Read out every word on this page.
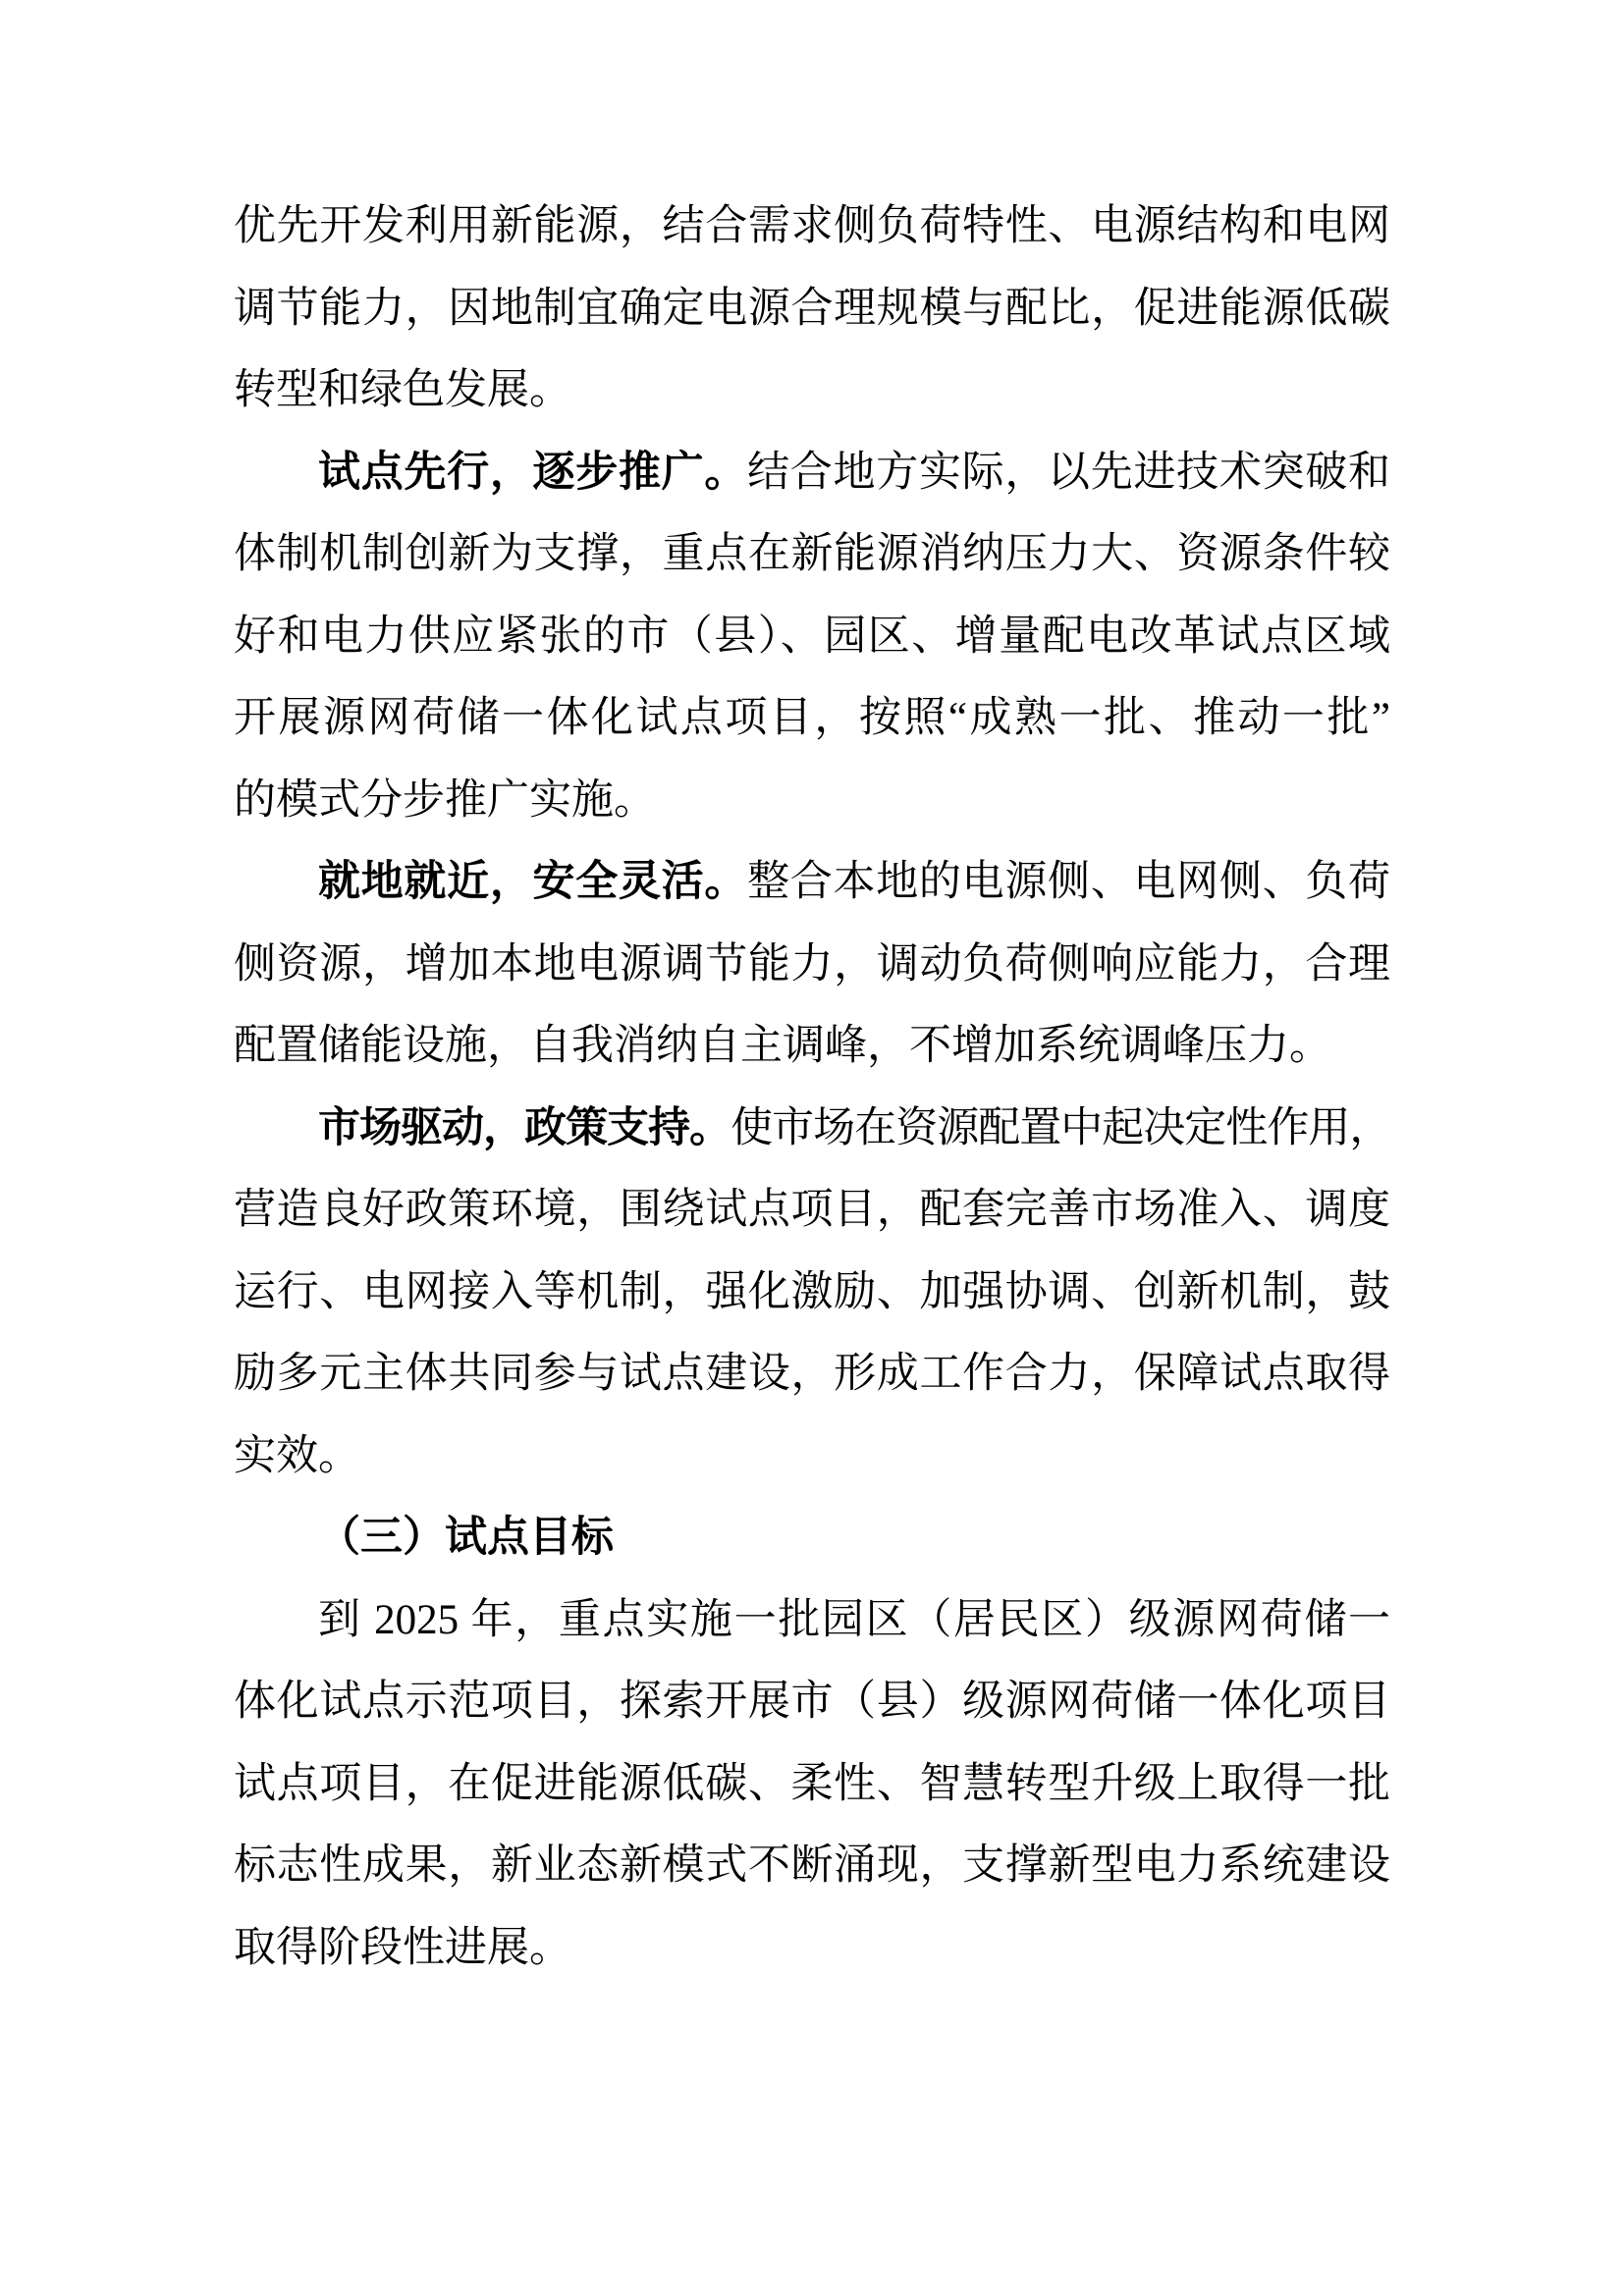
优先开发利用新能源，结合需求侧负荷特性、电源结构和电网
调节能力，因地制宜确定电源合理规模与配比，促进能源低碳
转型和绿色发展。
试点先行，逐步推广。结合地方实际，以先进技术突破和
体制机制创新为支撑，重点在新能源消纳压力大、资源条件较
好和电力供应紧张的市（县）、园区、增量配电改革试点区域
开展源网荷储一体化试点项目，按照“成熟一批、推动一批”
的模式分步推广实施。
就地就近，安全灵活。整合本地的电源侧、电网侧、负荷
侧资源，增加本地电源调节能力，调动负荷侧响应能力，合理
配置储能设施，自我消纳自主调峰，不增加系统调峰压力。
市场驱动，政策支持。使市场在资源配置中起决定性作用，
营造良好政策环境，围绕试点项目，配套完善市场准入、调度
运行、电网接入等机制，强化激励、加强协调、创新机制，鼓
励多元主体共同参与试点建设，形成工作合力，保障试点取得
实效。
（三）试点目标
到 2025 年，重点实施一批园区（居民区）级源网荷储一
体化试点示范项目，探索开展市（县）级源网荷储一体化项目
试点项目，在促进能源低碳、柔性、智慧转型升级上取得一批
标志性成果，新业态新模式不断涌现，支撑新型电力系统建设
取得阶段性进展。
